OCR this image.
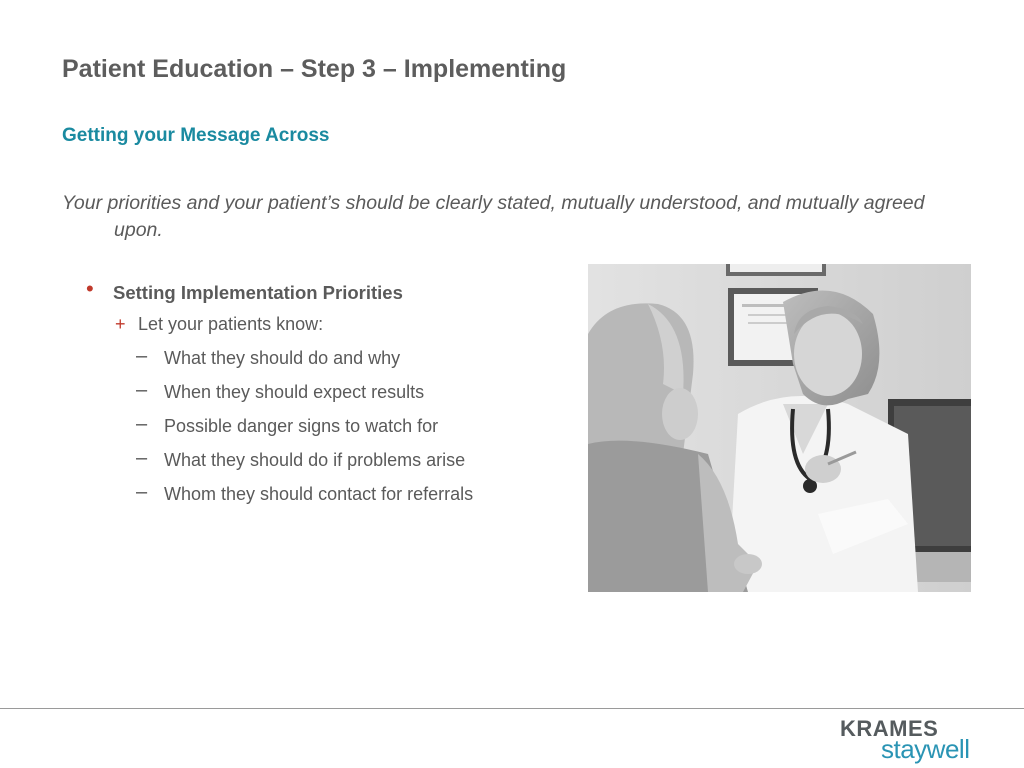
Patient Education – Step 3 – Implementing
Getting your Message Across

Your priorities and your patient’s should be clearly stated, mutually understood, and mutually agreed upon.

• Setting Implementation Priorities
+ Let your patients know:
– What they should do and why
– When they should expect results
– Possible danger signs to watch for
– What they should do if problems arise
– Whom they should contact for referrals
KRAMES
staywell
